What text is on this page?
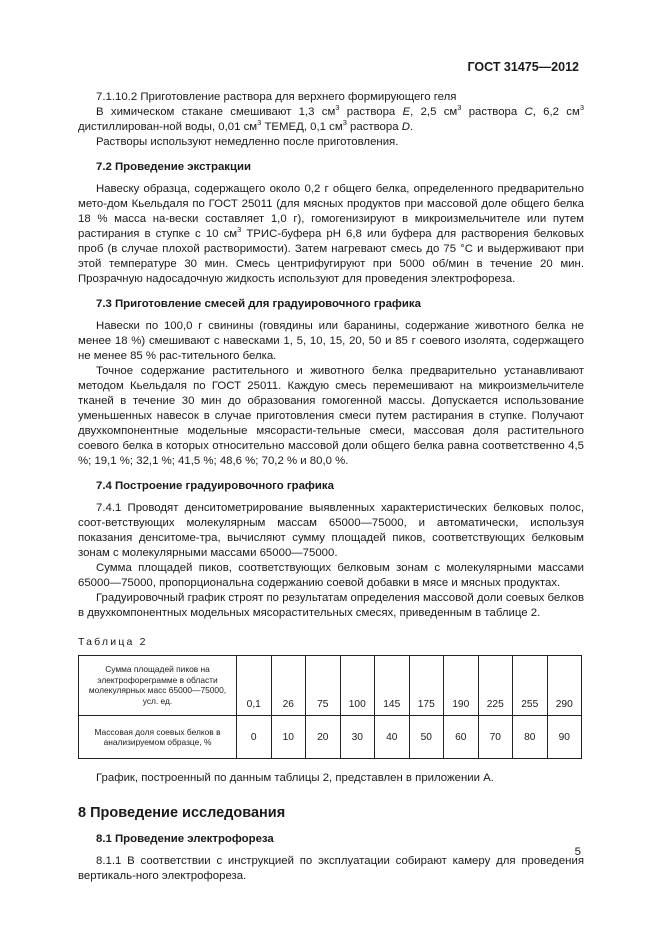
ГОСТ 31475—2012

7.1.10.2 Приготовление раствора для верхнего формирующего геля

В химическом стакане смешивают 1,3 $см^3$ раствора E, 2,5 $см^3$ раствора C, 6,2 $см^3$ дистиллирован-ной воды, 0,01 $см^3$ ТЕМЕД, 0,1 $см^3$ раствора D.

Растворы используют немедленно после приготовления.

7.2 Проведение экстракции

Навеску образца, содержащего около 0,2 г общего белка, определенного предварительно мето-дом Кьельдаля по ГОСТ 25011 (для мясных продуктов при массовой доле общего белка 18 % масса на-вески составляет 1,0 г), гомогенизируют в микроизмельчителе или путем растирания в ступке с 10 $см^3$ ТРИС-буфера pH 6,8 или буфера для растворения белковых проб (в случае плохой растворимости). Затем нагревают смесь до 75 °С и выдерживают при этой температуре 30 мин. Смесь центрифугируют при 5000 об/мин в течение 20 мин. Прозрачную надосадочную жидкость используют для проведения электрофореза.

7.3 Приготовление смесей для градуировочного графика

Навески по 100,0 г свинины (говядины или баранины, содержание животного белка не менее 18 %) смешивают с навесками 1, 5, 10, 15, 20, 50 и 85 г соевого изолята, содержащего не менее 85 % рас-тительного белка.

Точное содержание растительного и животного белка предварительно устанавливают методом Кьельдаля по ГОСТ 25011. Каждую смесь перемешивают на микроизмельчителе тканей в течение 30 мин до образования гомогенной массы. Допускается использование уменьшенных навесок в случае приготовления смеси путем растирания в ступке. Получают двухкомпонентные модельные мясорасти-тельные смеси, массовая доля растительного соевого белка в которых относительно массовой доли общего белка равна соответственно 4,5 %; 19,1 %; 32,1 %; 41,5 %; 48,6 %; 70,2 % и 80,0 %.

7.4 Построение градуировочного графика

7.4.1 Проводят денситометрирование выявленных характеристических белковых полос, соот-ветствующих молекулярным массам 65000—75000, и автоматически, используя показания денситоме-тра, вычисляют сумму площадей пиков, соответствующих белковым зонам с молекулярными массами 65000—75000.

Сумма площадей пиков, соответствующих белковым зонам с молекулярными массами 65000—75000, пропорциональна содержанию соевой добавки в мясе и мясных продуктах.

Градуировочный график строят по результатам определения массовой доли соевых белков в двухкомпонентных модельных мясорастительных смесях, приведенным в таблице 2.

Таблица 2

Сумма площадей пиков на электрофореграмме в области молекулярных масс 65000—75000, усл. ед.	0,1	26	75	100	145	175	190	225	255	290
Массовая доля соевых белков в анализируемом образце, %	0	10	20	30	40	50	60	70	80	90

График, построенный по данным таблицы 2, представлен в приложении А.

8 Проведение исследования

8.1 Проведение электрофореза

8.1.1 В соответствии с инструкцией по эксплуатации собирают камеру для проведения вертикаль-ного электрофореза.

5
